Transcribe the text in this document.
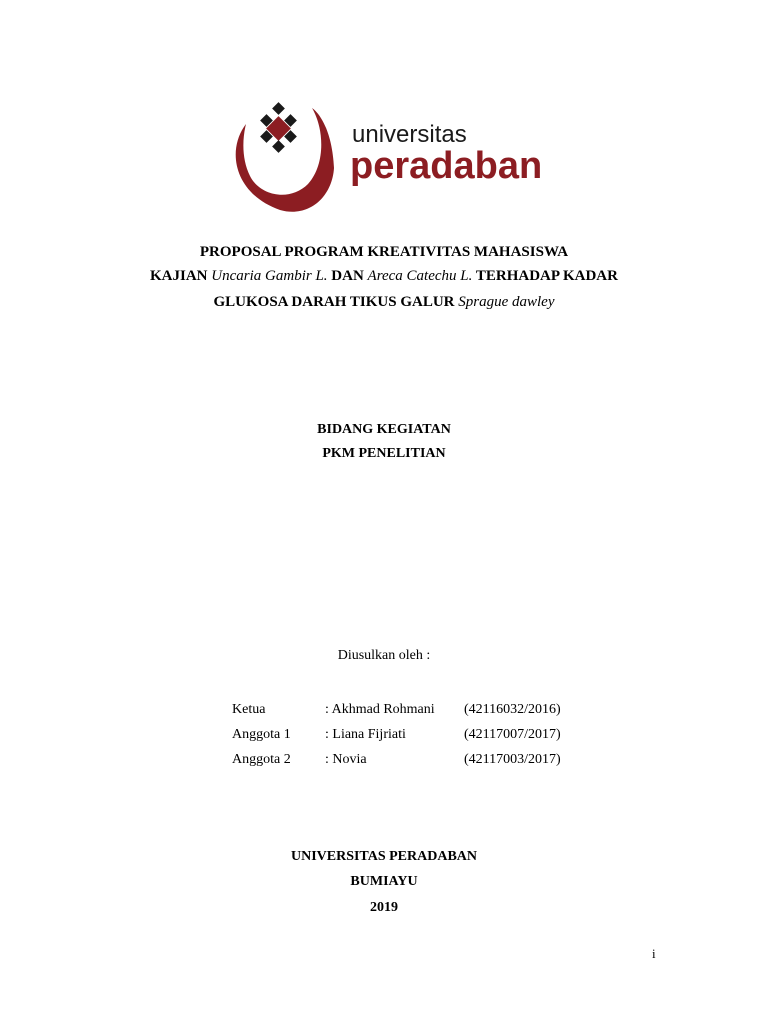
universitas
peradaban
PROPOSAL PROGRAM KREATIVITAS MAHASISWA
KAJIAN Uncaria Gambir L. DAN Areca Catechu L. TERHADAP KADAR
GLUKOSA DARAH TIKUS GALUR Sprague dawley
BIDANG KEGIATAN
PKM PENELITIAN
Diusulkan oleh :
Ketua	: Akhmad Rohmani	(42116032/2016)
Anggota 1	: Liana Fijriati	(42117007/2017)
Anggota 2	: Novia	(42117003/2017)
UNIVERSITAS PERADABAN
BUMIAYU
2019
i
